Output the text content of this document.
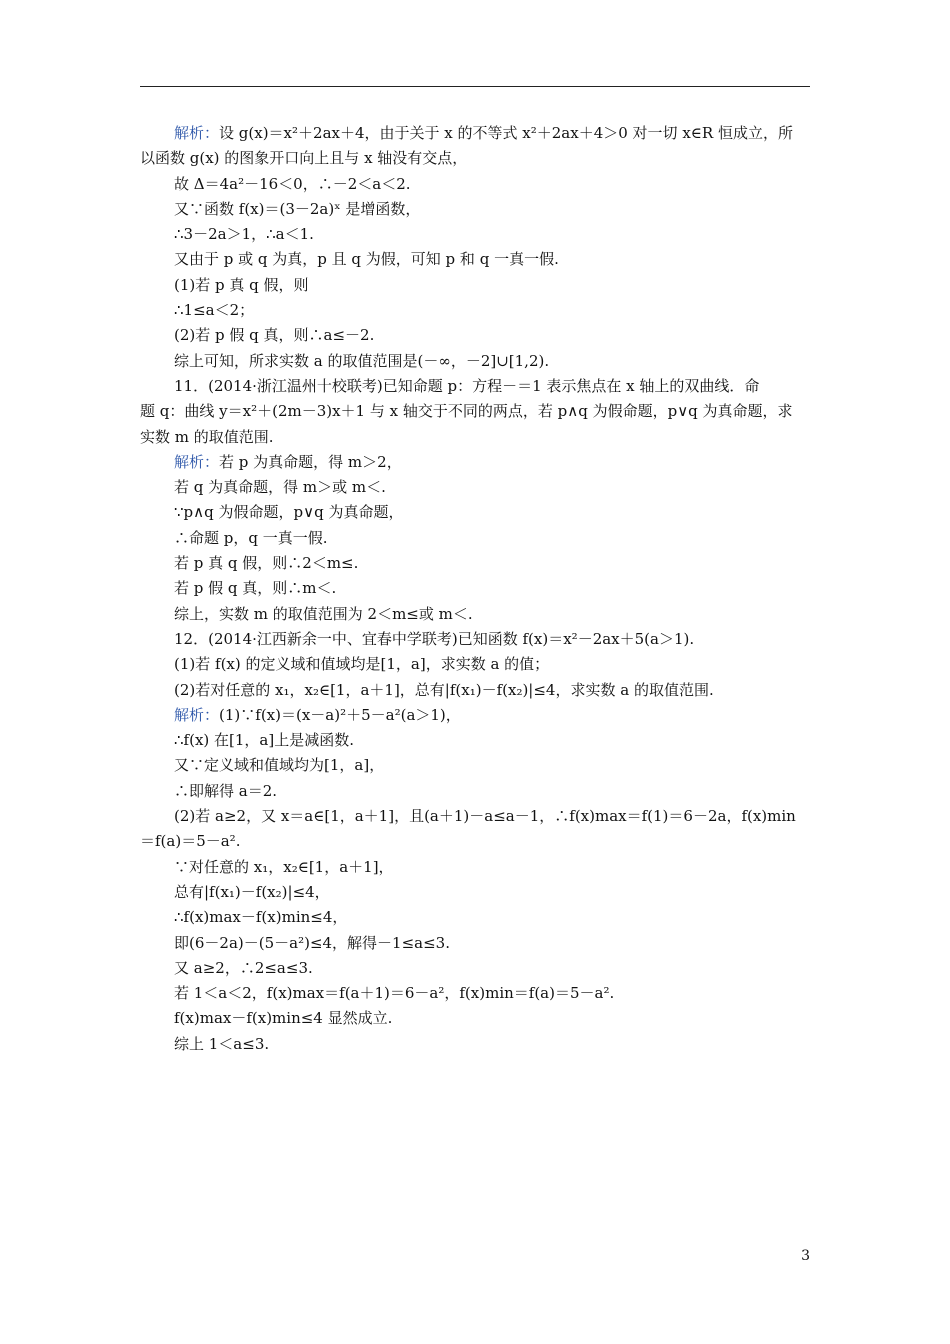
解析：设 g(x)＝x²＋2ax＋4，由于关于 x 的不等式 x²＋2ax＋4＞0 对一切 x∈R 恒成立，所
以函数 g(x) 的图象开口向上且与 x 轴没有交点，
故 Δ＝4a²－16＜0，∴－2＜a＜2.
又∵函数 f(x)＝(3－2a)ˣ 是增函数，
∴3－2a＞1，∴a＜1.
又由于 p 或 q 为真，p 且 q 为假，可知 p 和 q 一真一假.
(1)若 p 真 q 假，则
∴1≤a＜2；
(2)若 p 假 q 真，则∴a≤－2.
综上可知，所求实数 a 的取值范围是(－∞，－2]∪[1,2).
11．(2014·浙江温州十校联考)已知命题 p：方程－＝1 表示焦点在 x 轴上的双曲线．命
题 q：曲线 y＝x²＋(2m－3)x＋1 与 x 轴交于不同的两点，若 p∧q 为假命题，p∨q 为真命题，求
实数 m 的取值范围.
解析：若 p 为真命题，得 m＞2，
若 q 为真命题，得 m＞或 m＜.
∵p∧q 为假命题，p∨q 为真命题，
∴命题 p，q 一真一假.
若 p 真 q 假，则∴2＜m≤.
若 p 假 q 真，则∴m＜.
综上，实数 m 的取值范围为 2＜m≤或 m＜.
12．(2014·江西新余一中、宜春中学联考)已知函数 f(x)＝x²－2ax＋5(a＞1).
(1)若 f(x) 的定义域和值域均是[1，a]，求实数 a 的值；
(2)若对任意的 x₁，x₂∈[1，a＋1]，总有|f(x₁)－f(x₂)|≤4，求实数 a 的取值范围.
解析：(1)∵f(x)＝(x－a)²＋5－a²(a＞1)，
∴f(x) 在[1，a]上是减函数.
又∵定义域和值域均为[1，a]，
∴即解得 a＝2.
(2)若 a≥2，又 x＝a∈[1，a＋1]，且(a＋1)－a≤a－1，∴f(x)max＝f(1)＝6－2a，f(x)min
＝f(a)＝5－a².
∵对任意的 x₁，x₂∈[1，a＋1]，
总有|f(x₁)－f(x₂)|≤4，
∴f(x)max－f(x)min≤4，
即(6－2a)－(5－a²)≤4，解得－1≤a≤3.
又 a≥2，∴2≤a≤3.
若 1＜a＜2，f(x)max＝f(a＋1)＝6－a²，f(x)min＝f(a)＝5－a².
f(x)max－f(x)min≤4 显然成立.
综上 1＜a≤3.
3
